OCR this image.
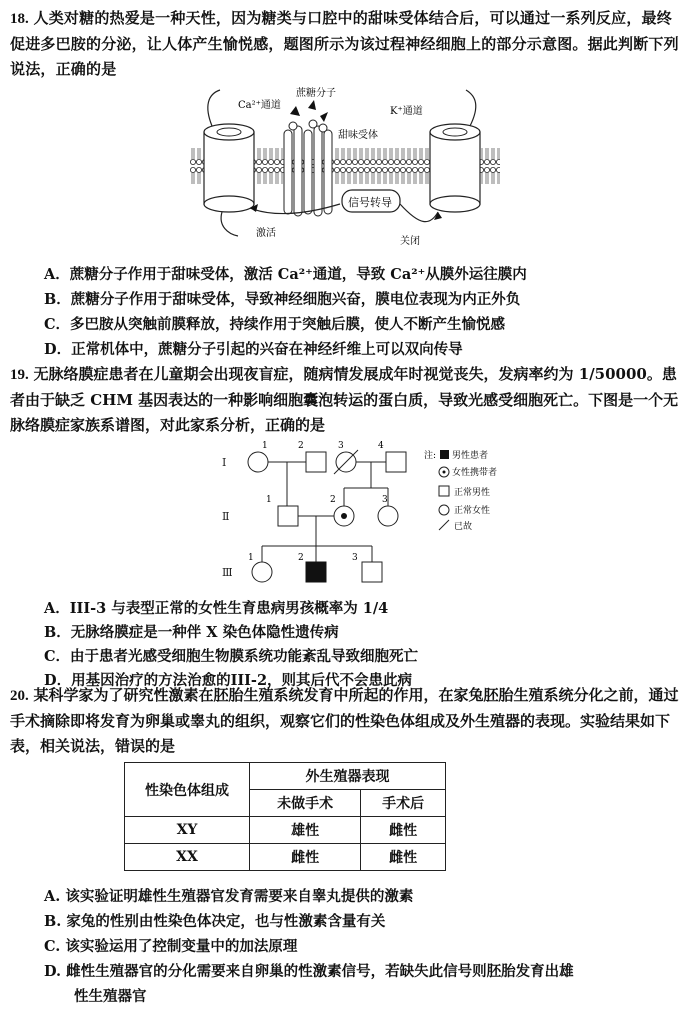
18. 人类对糖的热爱是一种天性，因为糖类与口腔中的甜味受体结合后，可以通过一系列反应，最终促进多巴胺的分泌，让人体产生愉悦感，题图所示为该过程神经细胞上的部分示意图。据此判断下列说法，正确的是
Ca²⁺通道
K⁺通道
蔗糖分子
甜味受体
信号转导
激活
关闭
A．蔗糖分子作用于甜味受体，激活 Ca²⁺通道，导致 Ca²⁺从膜外运往膜内
B．蔗糖分子作用于甜味受体，导致神经细胞兴奋，膜电位表现为内正外负
C．多巴胺从突触前膜释放，持续作用于突触后膜，使人不断产生愉悦感
D．正常机体中，蔗糖分子引起的兴奋在神经纤维上可以双向传导
19. 无脉络膜症患者在儿童期会出现夜盲症，随病情发展成年时视觉丧失，发病率约为 1/50000。患者由于缺乏 CHM 基因表达的一种影响细胞囊泡转运的蛋白质，导致光感受细胞死亡。下图是一个无脉络膜症家族系谱图，对此家系分析，正确的是
Ⅰ
Ⅱ
Ⅲ
1	2	3	4
1	2	3
1	2	3
注: 男性患者
女性携带者
正常男性
正常女性
已故
A．III-3 与表型正常的女性生育患病男孩概率为 1/4
B．无脉络膜症是一种伴 X 染色体隐性遗传病
C．由于患者光感受细胞生物膜系统功能紊乱导致细胞死亡
D．用基因治疗的方法治愈的III-2，则其后代不会患此病
20. 某科学家为了研究性激素在胚胎生殖系统发育中所起的作用，在家兔胚胎生殖系统分化之前，通过手术摘除即将发育为卵巢或睾丸的组织，观察它们的性染色体组成及外生殖器的表现。实验结果如下表，相关说法，错误的是
性染色体组成	外生殖器表现	
	未做手术	手术后
XY	雄性	雌性
XX	雌性	雌性
A. 该实验证明雄性生殖器官发育需要来自睾丸提供的激素
B. 家兔的性别由性染色体决定，也与性激素含量有关
C. 该实验运用了控制变量中的加法原理
D. 雌性生殖器官的分化需要来自卵巢的性激素信号，若缺失此信号则胚胎发育出雄
性生殖器官
